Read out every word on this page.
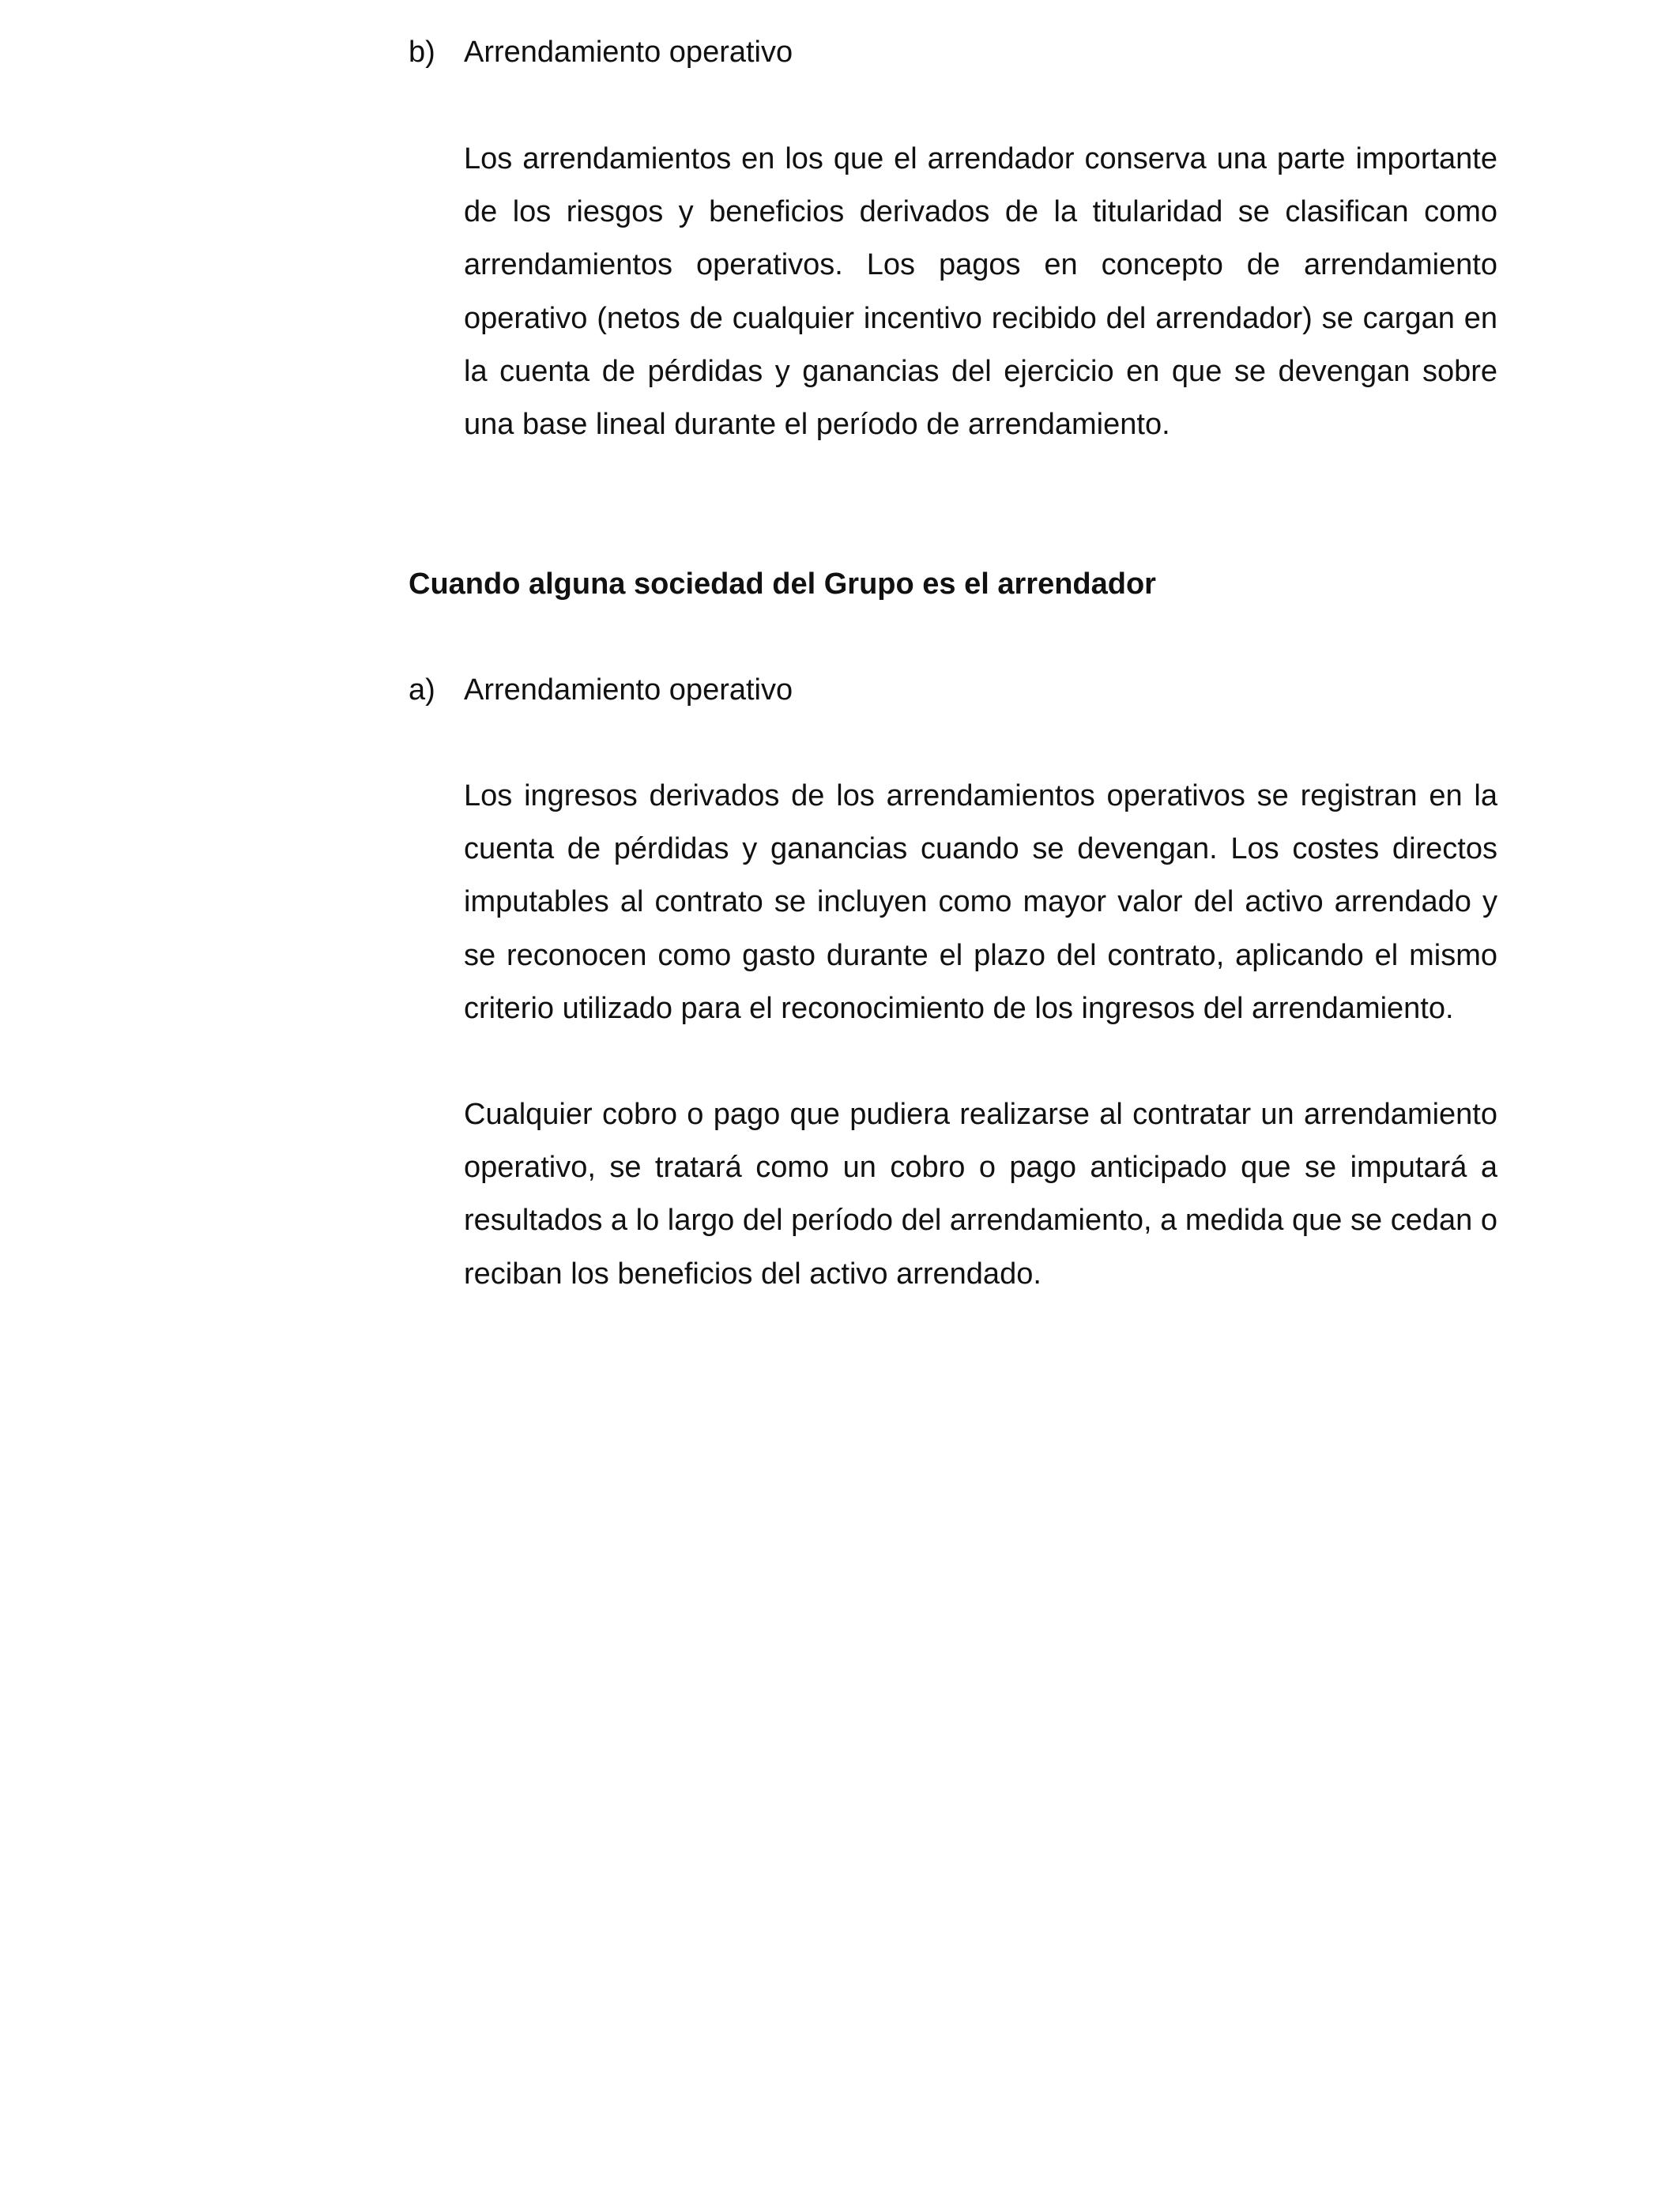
b) Arrendamiento operativo

Los arrendamientos en los que el arrendador conserva una parte importante de los riesgos y beneficios derivados de la titularidad se clasifican como arrendamientos operativos. Los pagos en concepto de arrendamiento operativo (netos de cualquier incentivo recibido del arrendador) se cargan en la cuenta de pérdidas y ganancias del ejercicio en que se devengan sobre una base lineal durante el período de arrendamiento.

Cuando alguna sociedad del Grupo es el arrendador

a) Arrendamiento operativo

Los ingresos derivados de los arrendamientos operativos se registran en la cuenta de pérdidas y ganancias cuando se devengan. Los costes directos imputables al contrato se incluyen como mayor valor del activo arrendado y se reconocen como gasto durante el plazo del contrato, aplicando el mismo criterio utilizado para el reconocimiento de los ingresos del arrendamiento.

Cualquier cobro o pago que pudiera realizarse al contratar un arrendamiento operativo, se tratará como un cobro o pago anticipado que se imputará a resultados a lo largo del período del arrendamiento, a medida que se cedan o reciban los beneficios del activo arrendado.
